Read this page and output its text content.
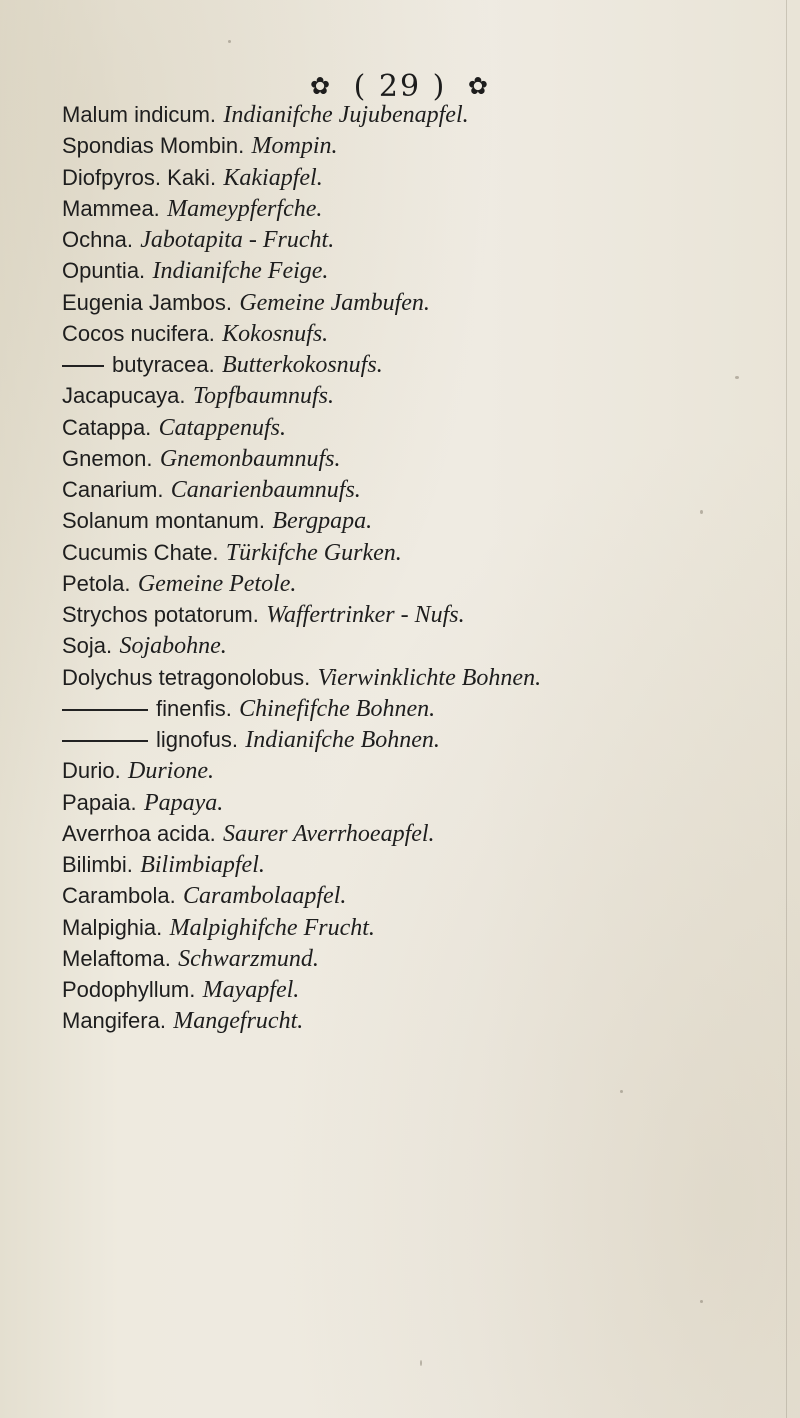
✿ ( 29 ) ✿
Malum indicum. Indianifche Jujubenapfel.
Spondias Mombin. Mompin.
Diofpyros. Kaki. Kakiapfel.
Mammea. Mameypferfche.
Ochna. Jabotapita - Frucht.
Opuntia. Indianifche Feige.
Eugenia Jambos. Gemeine Jambufen.
Cocos nucifera. Kokosnufs.
butyracea. Butterkokosnufs.
Jacapucaya. Topfbaumnufs.
Catappa. Catappenufs.
Gnemon. Gnemonbaumnufs.
Canarium. Canarienbaumnufs.
Solanum montanum. Bergpapa.
Cucumis Chate. Türkifche Gurken.
Petola. Gemeine Petole.
Strychos potatorum. Waffertrinker - Nufs.
Soja. Sojabohne.
Dolychus tetragonolobus. Vierwinklichte Bohnen.
finenfis. Chinefifche Bohnen.
lignofus. Indianifche Bohnen.
Durio. Durione.
Papaia. Papaya.
Averrhoa acida. Saurer Averrhoeapfel.
Bilimbi. Bilimbiapfel.
Carambola. Carambolaapfel.
Malpighia. Malpighifche Frucht.
Melaftoma. Schwarzmund.
Podophyllum. Mayapfel.
Mangifera. Mangefrucht.
